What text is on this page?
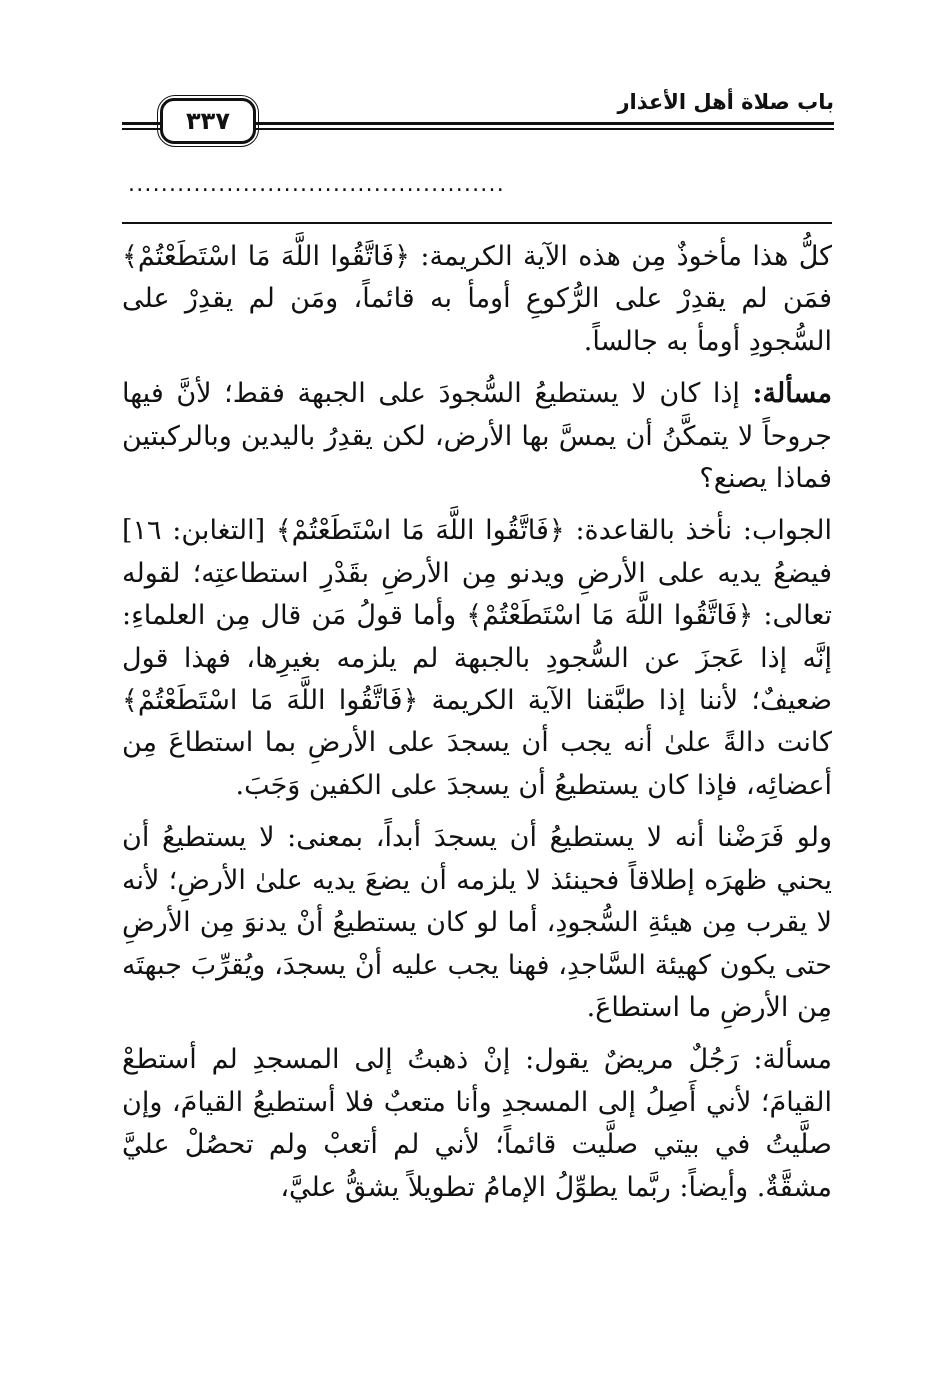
باب صلاة أهل الأعذار
٣٣٧
..............................................

كلُّ هذا مأخوذٌ مِن هذه الآية الكريمة: ﴿فَاتَّقُوا اللَّهَ مَا اسْتَطَعْتُمْ﴾ فمَن لم يقدِرْ على الرُّكوعِ أومأ به قائماً، ومَن لم يقدِرْ على السُّجودِ أومأ به جالساً.

مسألة: إذا كان لا يستطيعُ السُّجودَ على الجبهة فقط؛ لأنَّ فيها جروحاً لا يتمكَّنُ أن يمسَّ بها الأرض، لكن يقدِرُ باليدين وبالركبتين فماذا يصنع؟

الجواب: نأخذ بالقاعدة: ﴿فَاتَّقُوا اللَّهَ مَا اسْتَطَعْتُمْ﴾ [التغابن: ١٦] فيضعُ يديه على الأرضِ ويدنو مِن الأرضِ بقَدْرِ استطاعتِه؛ لقوله تعالى: ﴿فَاتَّقُوا اللَّهَ مَا اسْتَطَعْتُمْ﴾ وأما قولُ مَن قال مِن العلماءِ: إنَّه إذا عَجزَ عن السُّجودِ بالجبهة لم يلزمه بغيرِها، فهذا قول ضعيفٌ؛ لأننا إذا طبَّقنا الآية الكريمة ﴿فَاتَّقُوا اللَّهَ مَا اسْتَطَعْتُمْ﴾ كانت دالةً علىٰ أنه يجب أن يسجدَ على الأرضِ بما استطاعَ مِن أعضائِه، فإذا كان يستطيعُ أن يسجدَ على الكفين وَجَبَ.

ولو فَرَضْنا أنه لا يستطيعُ أن يسجدَ أبداً، بمعنى: لا يستطيعُ أن يحني ظهرَه إطلاقاً فحينئذ لا يلزمه أن يضعَ يديه علىٰ الأرضِ؛ لأنه لا يقرب مِن هيئةِ السُّجودِ، أما لو كان يستطيعُ أنْ يدنوَ مِن الأرضِ حتى يكون كهيئة السَّاجدِ، فهنا يجب عليه أنْ يسجدَ، ويُقرِّبَ جبهتَه مِن الأرضِ ما استطاعَ.

مسألة: رَجُلٌ مريضٌ يقول: إنْ ذهبتُ إلى المسجدِ لم أستطعْ القيامَ؛ لأني أَصِلُ إلى المسجدِ وأنا متعبٌ فلا أستطيعُ القيامَ، وإن صلَّيتُ في بيتي صلَّيت قائماً؛ لأني لم أتعبْ ولم تحصُلْ عليَّ مشقَّةٌ. وأيضاً: ربَّما يطوِّلُ الإمامُ تطويلاً يشقُّ عليَّ،
